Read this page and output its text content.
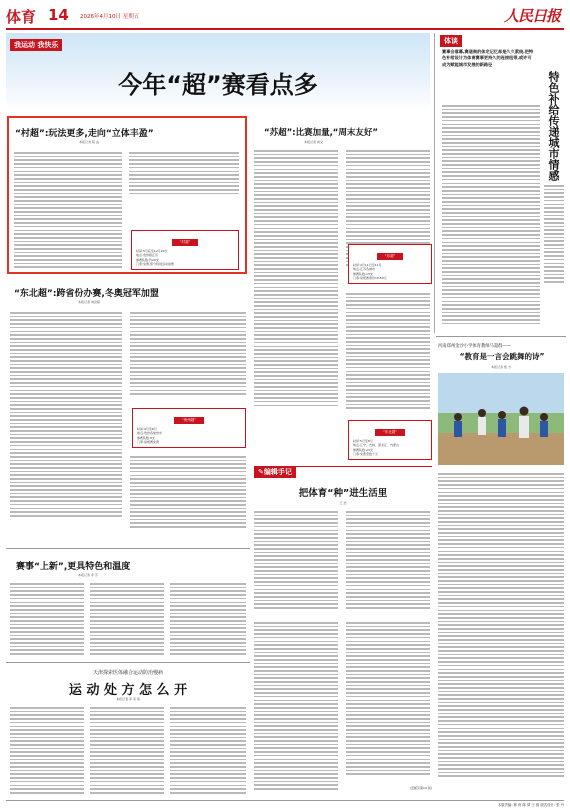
体育 14 2026年4月10日 星期五	人民日报
我运动 我快乐
今年“超”赛看点多
“村超”:玩法更多,走向“立体丰盈”
本报记者 程 远
“村超”
时间:5月底至12月20日
地点:贵州榕江县
参赛队数:约20支
门票:免费,部分特别活动收费
“苏超”:比赛加量,“周末友好”
本报记者 尚文
“苏超”
时间:4月11日至11月
地点:江苏各城市
参赛队数:13支
门票:常规赛票价10-50元
“东北超”:跨省份办赛,冬奥冠军加盟
本报记者 刘洪超
“贵州超”
时间:4月至8月
地点:贵州各地州市
参赛队数:9支
门票:常规赛免费
“东北超”
时间:5月至8月
地点:辽宁、吉林、黑龙江、内蒙古
参赛队数:24支
门票:免费至数十元
✎编辑手记
把体育“种”进生活里
王 浩
赛事“上新”,更具特色和温度
本报记者 李 芳
天津探索医体融合运动防治慢病
运 动 处 方 怎 么 开
本报记者 李 家 鼎
(安邮见第19 版)
体谈
赛事会落幕,赛道商的体定记忆却是久久萦绕,把特色补给设计为体育赛事更持久的连接纽带,或许可成为赋能城市发展的新路径
特色补给传递城市情感
河南郑州金沙小学体育教师马超群——
“教育是一言会跳舞的诗”
本报记者 殷 方
本版责编: 林 蒋 陈 倩 王 蔚 版式设计: 张 丹
